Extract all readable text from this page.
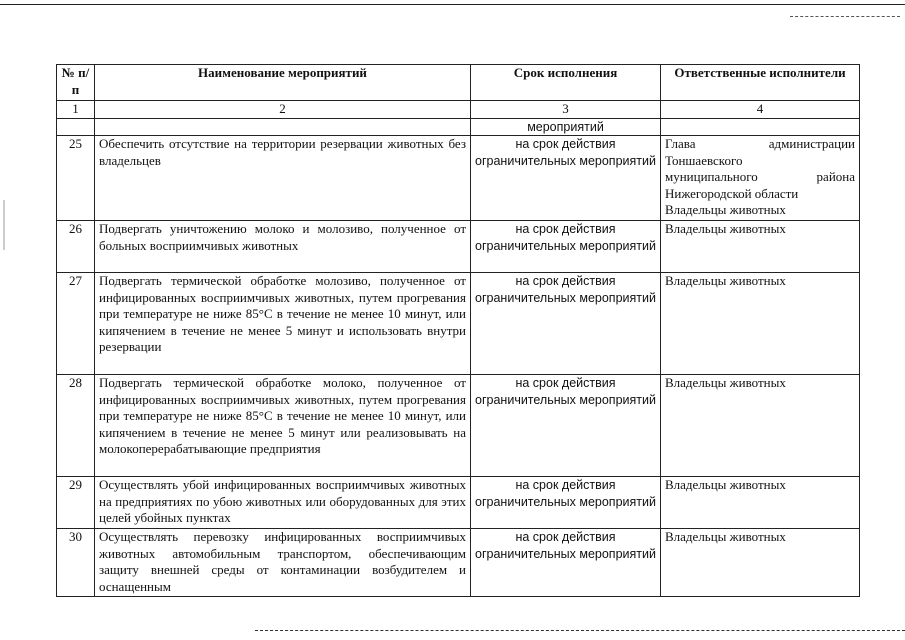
№ п/п	Наименование мероприятий	Срок исполнения	Ответственные исполнители
1	2	3	4
		мероприятий	
25	Обеспечить отсутствие на территории резервации животных без владельцев	на срок действия ограничительных мероприятий	Глава администрации
Тоншаевского
муниципального района
Нижегородской области
Владельцы животных

26	Подвергать уничтожению молоко и молозиво, полученное от больных восприимчивых животных	на срок действия ограничительных мероприятий	Владельцы животных

27	Подвергать термической обработке молозиво, полученное от инфицированных восприимчивых животных, путем прогревания при температуре не ниже 85°С в течение не менее 10 минут, или кипячением в течение не менее 5 минут и использовать внутри резервации	на срок действия ограничительных мероприятий	Владельцы животных

28	Подвергать термической обработке молоко, полученное от инфицированных восприимчивых животных, путем прогревания при температуре не ниже 85°С в течение не менее 10 минут, или кипячением в течение не менее 5 минут или реализовывать на молокоперерабатывающие предприятия	на срок действия ограничительных мероприятий	Владельцы животных

29	Осуществлять убой инфицированных восприимчивых животных на предприятиях по убою животных или оборудованных для этих целей убойных пунктах	на срок действия ограничительных мероприятий	Владельцы животных

30	Осуществлять перевозку инфицированных восприимчивых животных автомобильным транспортом, обеспечивающим защиту внешней среды от контаминации возбудителем и оснащенным	на срок действия ограничительных мероприятий	Владельцы животных
